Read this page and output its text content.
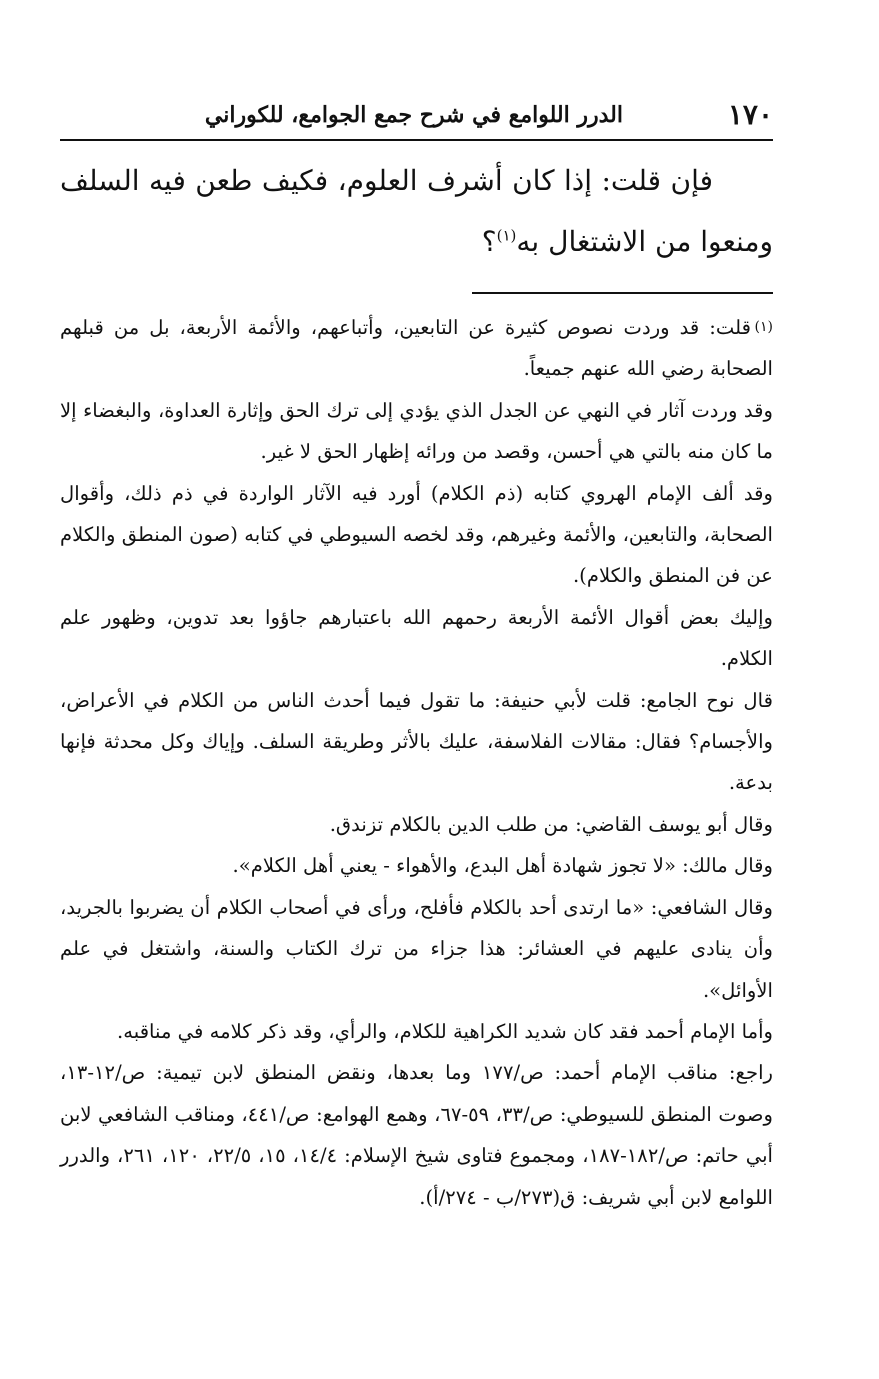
١٧٠
الدرر اللوامع في شرح جمع الجوامع، للكوراني

فإن قلت: إذا كان أشرف العلوم، فكيف طعن فيه السلف ومنعوا من الاشتغال به$^{(١)}$؟

(١)قلت: قد وردت نصوص كثيرة عن التابعين، وأتباعهم، والأئمة الأربعة، بل من قبلهم الصحابة رضي الله عنهم جميعاً.

وقد وردت آثار في النهي عن الجدل الذي يؤدي إلى ترك الحق وإثارة العداوة، والبغضاء إلا ما كان منه بالتي هي أحسن، وقصد من ورائه إظهار الحق لا غير.

وقد ألف الإمام الهروي كتابه (ذم الكلام) أورد فيه الآثار الواردة في ذم ذلك، وأقوال الصحابة، والتابعين، والأئمة وغيرهم، وقد لخصه السيوطي في كتابه (صون المنطق والكلام عن فن المنطق والكلام).

وإليك بعض أقوال الأئمة الأربعة رحمهم الله باعتبارهم جاؤوا بعد تدوين، وظهور علم الكلام.

قال نوح الجامع: قلت لأبي حنيفة: ما تقول فيما أحدث الناس من الكلام في الأعراض، والأجسام؟ فقال: مقالات الفلاسفة، عليك بالأثر وطريقة السلف. وإياك وكل محدثة فإنها بدعة.

وقال أبو يوسف القاضي: من طلب الدين بالكلام تزندق.

وقال مالك: «لا تجوز شهادة أهل البدع، والأهواء - يعني أهل الكلام».

وقال الشافعي: «ما ارتدى أحد بالكلام فأفلح، ورأى في أصحاب الكلام أن يضربوا بالجريد، وأن ينادى عليهم في العشائر: هذا جزاء من ترك الكتاب والسنة، واشتغل في علم الأوائل».

وأما الإمام أحمد فقد كان شديد الكراهية للكلام، والرأي، وقد ذكر كلامه في مناقبه.

راجع: مناقب الإمام أحمد: ص/١٧٧ وما بعدها، ونقض المنطق لابن تيمية: ص/١٢-١٣، وصوت المنطق للسيوطي: ص/٣٣، ٥٩-٦٧، وهمع الهوامع: ص/٤٤١، ومناقب الشافعي لابن أبي حاتم: ص/١٨٢-١٨٧، ومجموع فتاوى شيخ الإسلام: ١٤/٤، ١٥، ٢٢/٥، ١٢٠، ٢٦١، والدرر اللوامع لابن أبي شريف: ق(٢٧٣/ب - ٢٧٤/أ).
